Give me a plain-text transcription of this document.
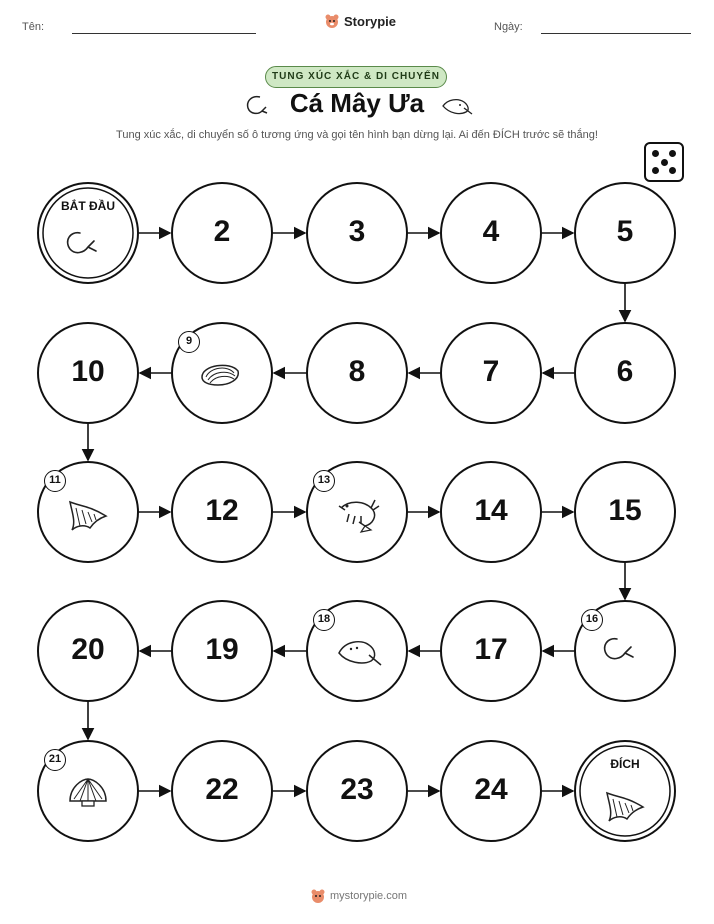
Tên:	Storypie	Ngày:
TUNG XÚC XẮC & DI CHUYỂN
Cá Mây Ưa
Tung xúc xắc, di chuyển số ô tương ứng và gọi tên hình bạn dừng lại. Ai đến ĐÍCH trước sẽ thắng!
BẮT ĐẦU
2	3	4	5
6
7
8
9
10
11
12
13
14	15
16
17
18
19
20
21
22	23	24
ĐÍCH
mystorypie.com
